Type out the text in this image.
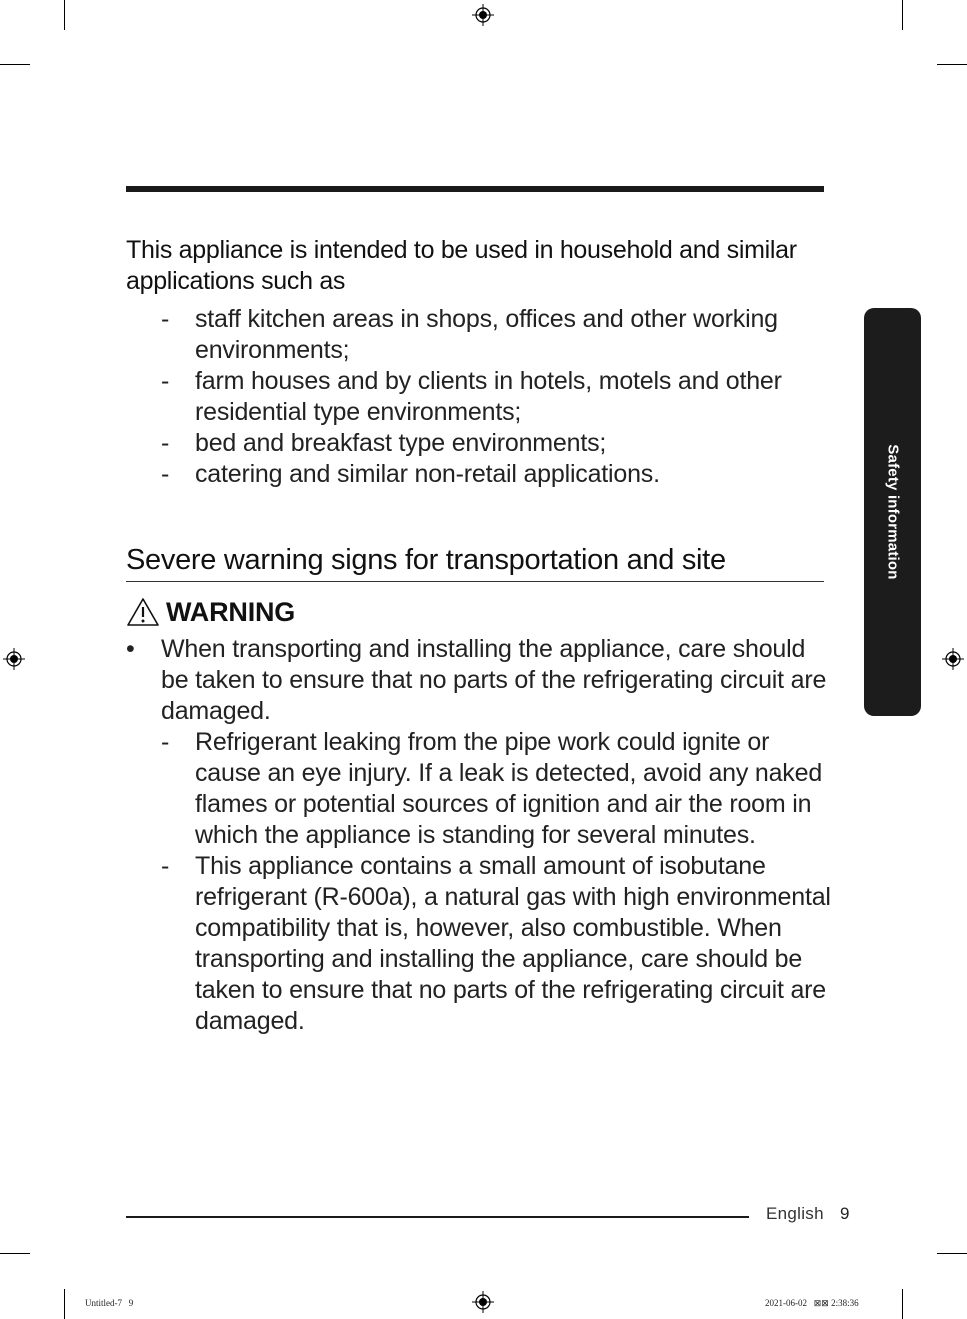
This appliance is intended to be used in household and similar applications such as
- staff kitchen areas in shops, offices and other working environments;
- farm houses and by clients in hotels, motels and other residential type environments;
- bed and breakfast type environments;
- catering and similar non-retail applications.
Severe warning signs for transportation and site
WARNING
• When transporting and installing the appliance, care should be taken to ensure that no parts of the refrigerating circuit are damaged.
- Refrigerant leaking from the pipe work could ignite or cause an eye injury. If a leak is detected, avoid any naked flames or potential sources of ignition and air the room in which the appliance is standing for several minutes.
- This appliance contains a small amount of isobutane refrigerant (R-600a), a natural gas with high environmental compatibility that is, however, also combustible. When transporting and installing the appliance, care should be taken to ensure that no parts of the refrigerating circuit are damaged.
Safety information
English 9
Untitled-7   9	2021-06-02   ⊠⊠ 2:38:36
